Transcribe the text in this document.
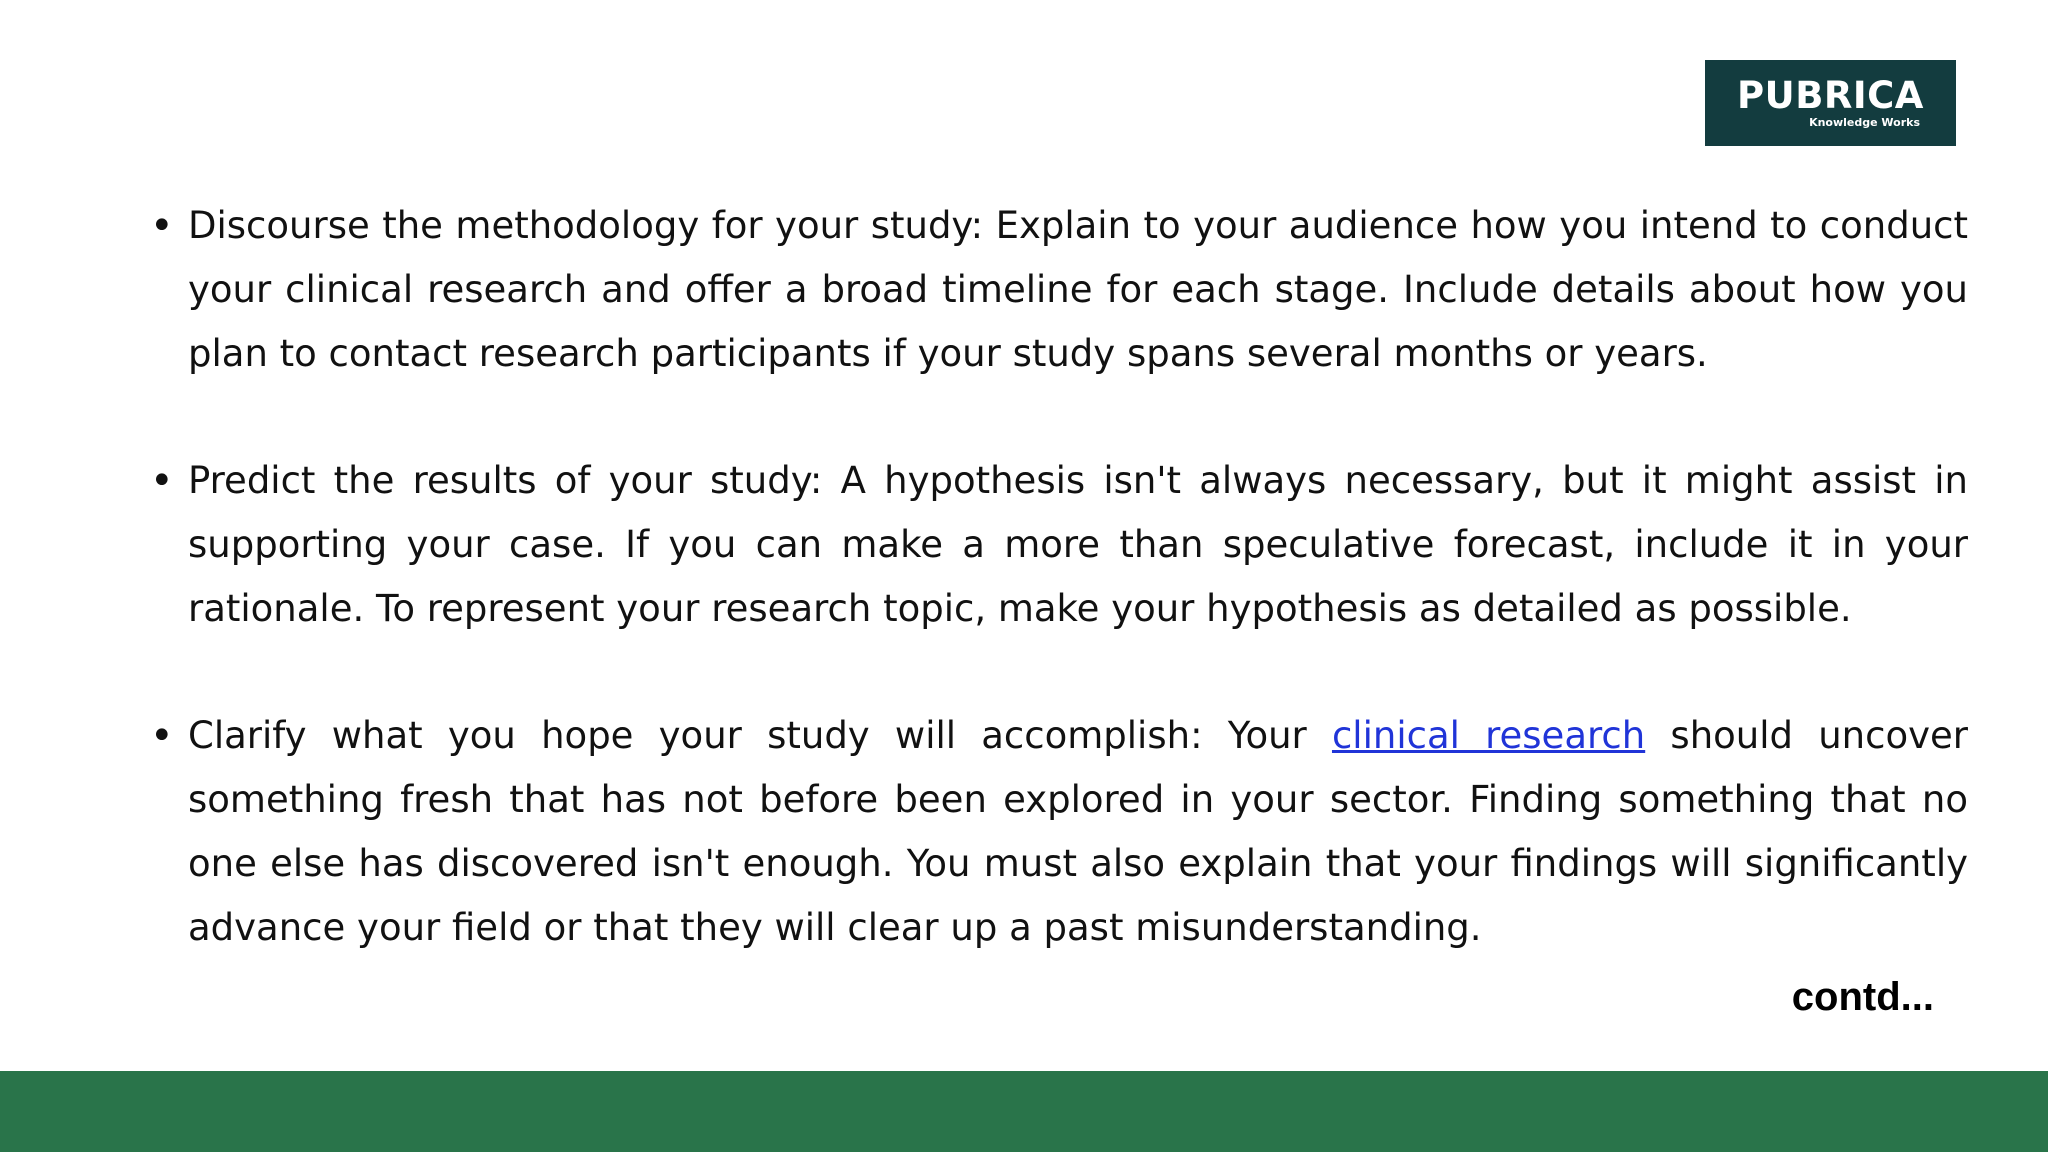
PUBRICA
Knowledge Works
• Discourse the methodology for your study: Explain to your audience how you intend to conduct your clinical research and offer a broad timeline for each stage. Include details about how you plan to contact research participants if your study spans several months or years.
• Predict the results of your study: A hypothesis isn't always necessary, but it might assist in supporting your case. If you can make a more than speculative forecast, include it in your rationale. To represent your research topic, make your hypothesis as detailed as possible.
• Clarify what you hope your study will accomplish: Your clinical research should uncover something fresh that has not before been explored in your sector. Finding something that no one else has discovered isn't enough. You must also explain that your findings will significantly advance your field or that they will clear up a past misunderstanding.
contd...
